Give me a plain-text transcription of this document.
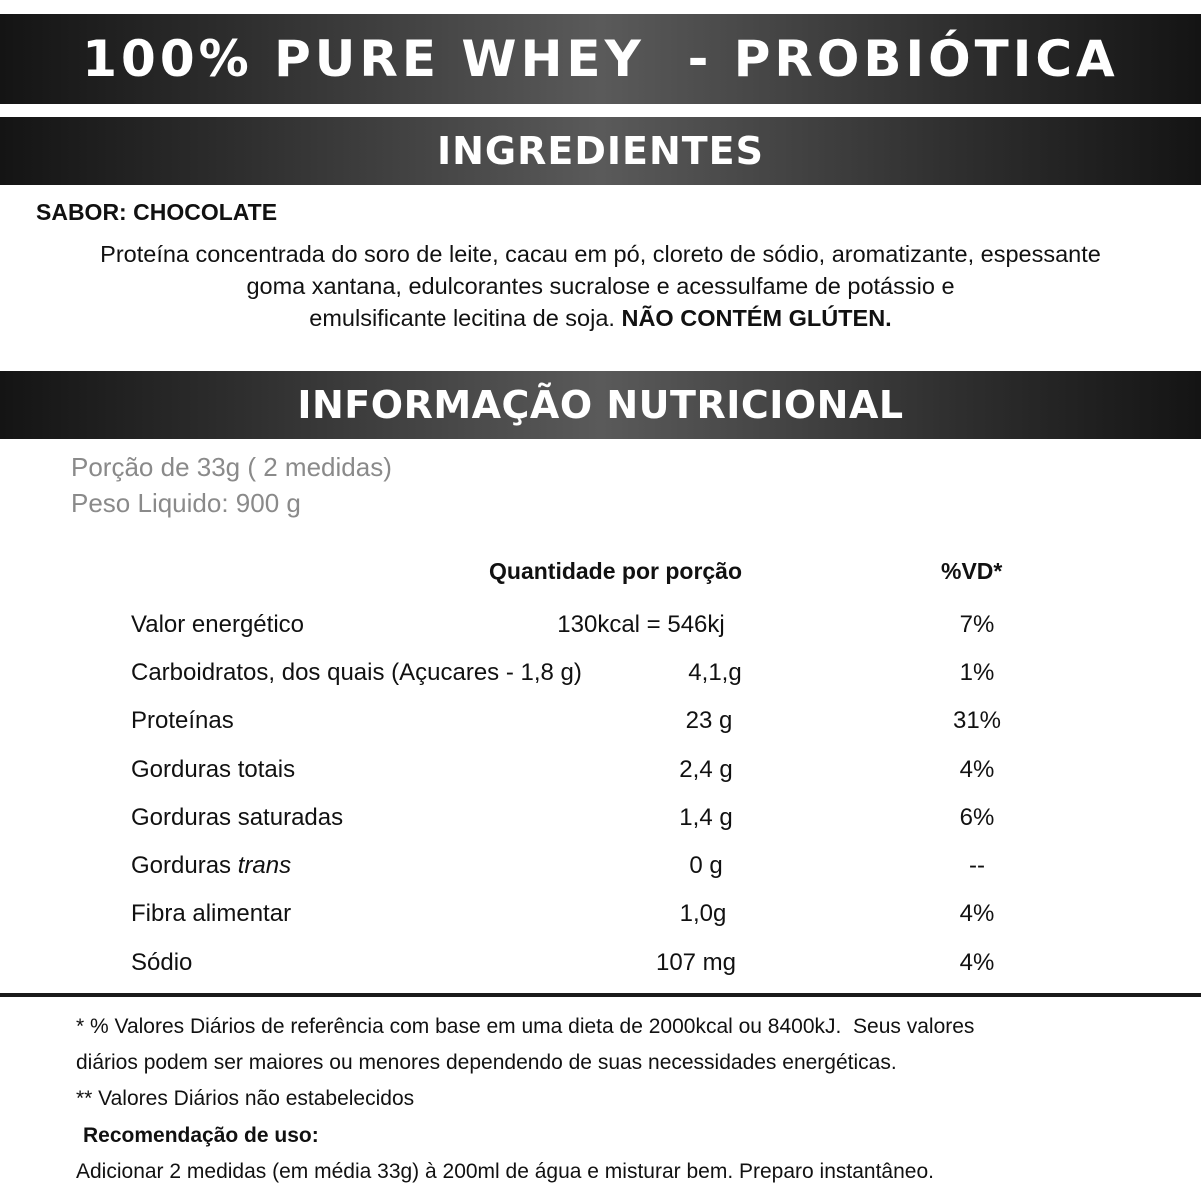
100% PURE WHEY  - PROBIÓTICA
INGREDIENTES
SABOR: CHOCOLATE
Proteína concentrada do soro de leite, cacau em pó, cloreto de sódio, aromatizante, espessante
goma xantana, edulcorantes sucralose e acessulfame de potássio e
emulsificante lecitina de soja. NÃO CONTÉM GLÚTEN.
INFORMAÇÃO NUTRICIONAL
Porção de 33g ( 2 medidas)
Peso Liquido: 900 g
Quantidade por porção	%VD*
Valor energético	130kcal = 546kj	7%
Carboidratos, dos quais (Açucares - 1,8 g)	4,1,g	1%
Proteínas	23 g	31%
Gorduras totais	2,4 g	4%
Gorduras saturadas	1,4 g	6%
Gorduras trans	0 g	--
Fibra alimentar	1,0g	4%
Sódio	107 mg	4%
* % Valores Diários de referência com base em uma dieta de 2000kcal ou 8400kJ.  Seus valores
diários podem ser maiores ou menores dependendo de suas necessidades energéticas.
** Valores Diários não estabelecidos
Recomendação de uso:
Adicionar 2 medidas (em média 33g) à 200ml de água e misturar bem. Preparo instantâneo.
